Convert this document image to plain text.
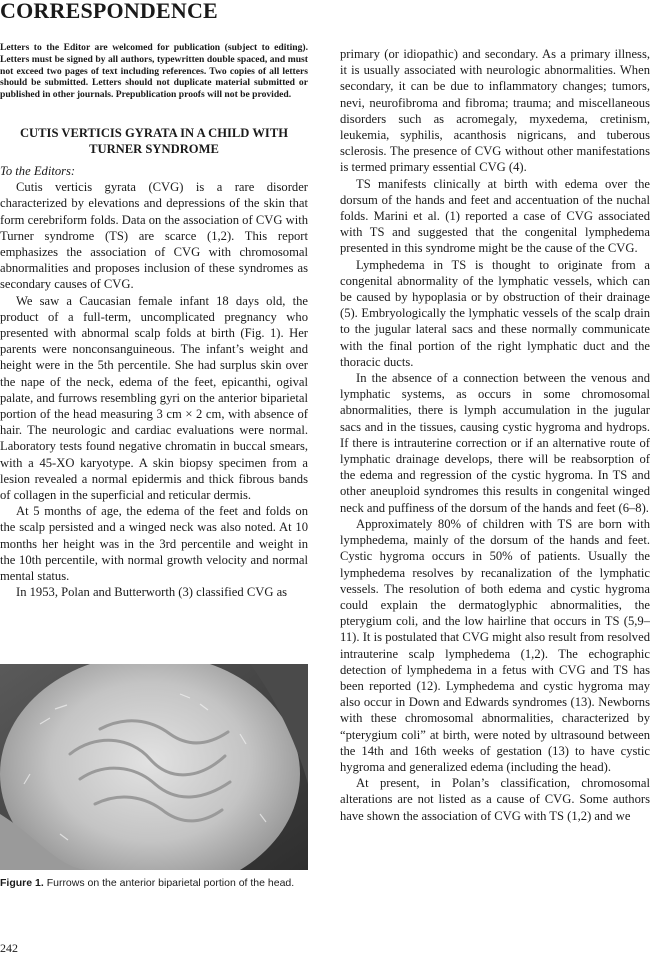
CORRESPONDENCE

Letters to the Editor are welcomed for publication (subject to editing). Letters must be signed by all authors, typewritten double spaced, and must not exceed two pages of text including references. Two copies of all letters should be submitted. Letters should not duplicate material submitted or published in other journals. Prepublication proofs will not be provided.

CUTIS VERTICIS GYRATA IN A CHILD WITH TURNER SYNDROME

To the Editors:

Cutis verticis gyrata (CVG) is a rare disorder characterized by elevations and depressions of the skin that form cerebriform folds. Data on the association of CVG with Turner syndrome (TS) are scarce (1,2). This report emphasizes the association of CVG with chromosomal abnormalities and proposes inclusion of these syndromes as secondary causes of CVG.

We saw a Caucasian female infant 18 days old, the product of a full-term, uncomplicated pregnancy who presented with abnormal scalp folds at birth (Fig. 1). Her parents were nonconsanguineous. The infant’s weight and height were in the 5th percentile. She had surplus skin over the nape of the neck, edema of the feet, epicanthi, ogival palate, and furrows resembling gyri on the anterior biparietal portion of the head measuring 3 cm × 2 cm, with absence of hair. The neurologic and cardiac evaluations were normal. Laboratory tests found negative chromatin in buccal smears, with a 45-XO karyotype. A skin biopsy specimen from a lesion revealed a normal epidermis and thick fibrous bands of collagen in the superficial and reticular dermis.

At 5 months of age, the edema of the feet and folds on the scalp persisted and a winged neck was also noted. At 10 months her height was in the 3rd percentile and weight in the 10th percentile, with normal growth velocity and normal mental status.

In 1953, Polan and Butterworth (3) classified CVG as

Figure 1. Furrows on the anterior biparietal portion of the head.

primary (or idiopathic) and secondary. As a primary illness, it is usually associated with neurologic abnormalities. When secondary, it can be due to inflammatory changes; tumors, nevi, neurofibroma and fibroma; trauma; and miscellaneous disorders such as acromegaly, myxedema, cretinism, leukemia, syphilis, acanthosis nigricans, and tuberous sclerosis. The presence of CVG without other manifestations is termed primary essential CVG (4).

TS manifests clinically at birth with edema over the dorsum of the hands and feet and accentuation of the nuchal folds. Marini et al. (1) reported a case of CVG associated with TS and suggested that the congenital lymphedema presented in this syndrome might be the cause of the CVG.

Lymphedema in TS is thought to originate from a congenital abnormality of the lymphatic vessels, which can be caused by hypoplasia or by obstruction of their drainage (5). Embryologically the lymphatic vessels of the scalp drain to the jugular lateral sacs and these normally communicate with the final portion of the right lymphatic duct and the thoracic ducts.

In the absence of a connection between the venous and lymphatic systems, as occurs in some chromosomal abnormalities, there is lymph accumulation in the jugular sacs and in the tissues, causing cystic hygroma and hydrops. If there is intrauterine correction or if an alternative route of lymphatic drainage develops, there will be reabsorption of the edema and regression of the cystic hygroma. In TS and other aneuploid syndromes this results in congenital winged neck and puffiness of the dorsum of the hands and feet (6–8).

Approximately 80% of children with TS are born with lymphedema, mainly of the dorsum of the hands and feet. Cystic hygroma occurs in 50% of patients. Usually the lymphedema resolves by recanalization of the lymphatic vessels. The resolution of both edema and cystic hygroma could explain the dermatoglyphic abnormalities, the pterygium coli, and the low hairline that occurs in TS (5,9–11). It is postulated that CVG might also result from resolved intrauterine scalp lymphedema (1,2). The echographic detection of lymphedema in a fetus with CVG and TS has been reported (12). Lymphedema and cystic hygroma may also occur in Down and Edwards syndromes (13). Newborns with these chromosomal abnormalities, characterized by “pterygium coli” at birth, were noted by ultrasound between the 14th and 16th weeks of gestation (13) to have cystic hygroma and generalized edema (including the head).

At present, in Polan’s classification, chromosomal alterations are not listed as a cause of CVG. Some authors have shown the association of CVG with TS (1,2) and we

242
